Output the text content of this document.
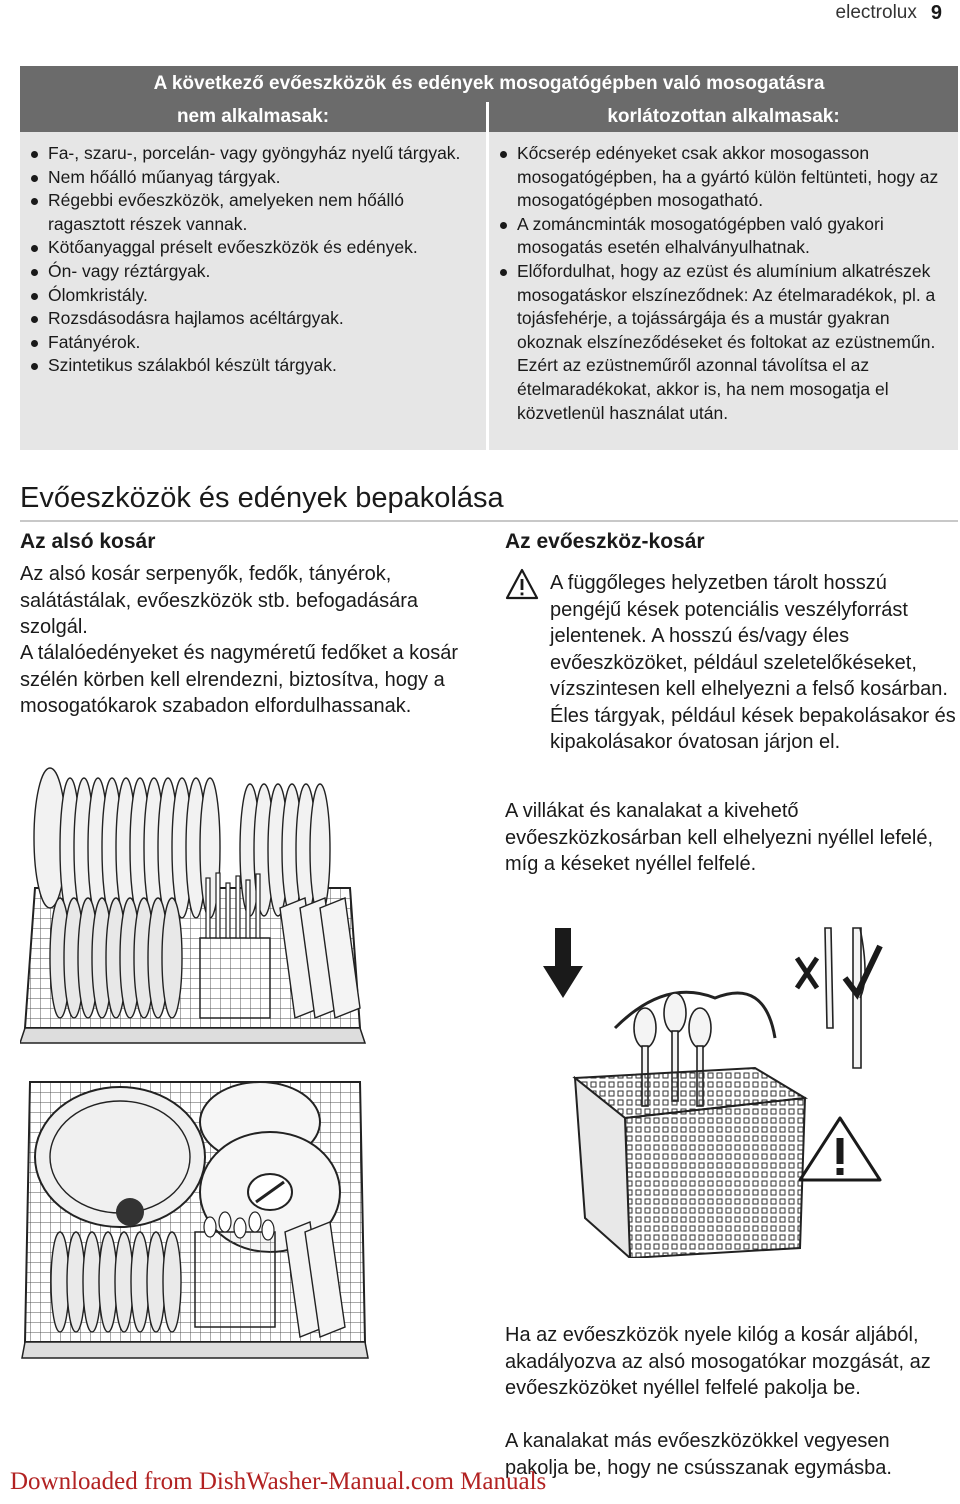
electrolux 9
A következő evőeszközök és edények mosogatógépben való mosogatásra
nem alkalmasak:	korlátozottan alkalmasak:
Fa-, szaru-, porcelán- vagy gyöngyház nyelű tárgyak.
Nem hőálló műanyag tárgyak.
Régebbi evőeszközök, amelyeken nem hőálló ragasztott részek vannak.
Kötőanyaggal préselt evőeszközök és edények.
Ón- vagy réztárgyak.
Ólomkristály.
Rozsdásodásra hajlamos acéltárgyak.
Fatányérok.
Szintetikus szálakból készült tárgyak.
Kőcserép edényeket csak akkor mosogasson mosogatógépben, ha a gyártó külön feltünteti, hogy az mosogatógépben mosogatható.
A zománcminták mosogatógépben való gyakori mosogatás esetén elhalványulhatnak.
Előfordulhat, hogy az ezüst és alumínium alkatrészek mosogatáskor elszíneződnek: Az ételmaradékok, pl. a tojásfehérje, a tojássárgája és a mustár gyakran okoznak elszíneződéseket és foltokat az ezüstneműn. Ezért az ezüstneműről azonnal távolítsa el az ételmaradékokat, akkor is, ha nem mosogatja el közvetlenül használat után.
Evőeszközök és edények bepakolása
Az alsó kosár

Az alsó kosár serpenyők, fedők, tányérok, salátástálak, evőeszközök stb. befogadására szolgál.

A tálalóedényeket és nagyméretű fedőket a kosár szélén körben kell elrendezni, biztosítva, hogy a mosogatókarok szabadon elfordulhassanak.

Az evőeszköz-kosár

A függőleges helyzetben tárolt hosszú pengéjű kések potenciális veszélyforrást jelentenek. A hosszú és/vagy éles evőeszközöket, például szeletelőkéseket, vízszintesen kell elhelyezni a felső kosárban. Éles tárgyak, például kések bepakolásakor és kipakolásakor óvatosan járjon el.

A villákat és kanalakat a kivehető evőeszközkosárban kell elhelyezni nyéllel lefelé, míg a késeket nyéllel felfelé.

Ha az evőeszközök nyele kilóg a kosár aljából, akadályozva az alsó mosogatókar mozgását, az evőeszközöket nyéllel felfelé pakolja be.

A kanalakat más evőeszközökkel vegyesen pakolja be, hogy ne csússzanak egymásba.

Downloaded from DishWasher-Manual.com Manuals
